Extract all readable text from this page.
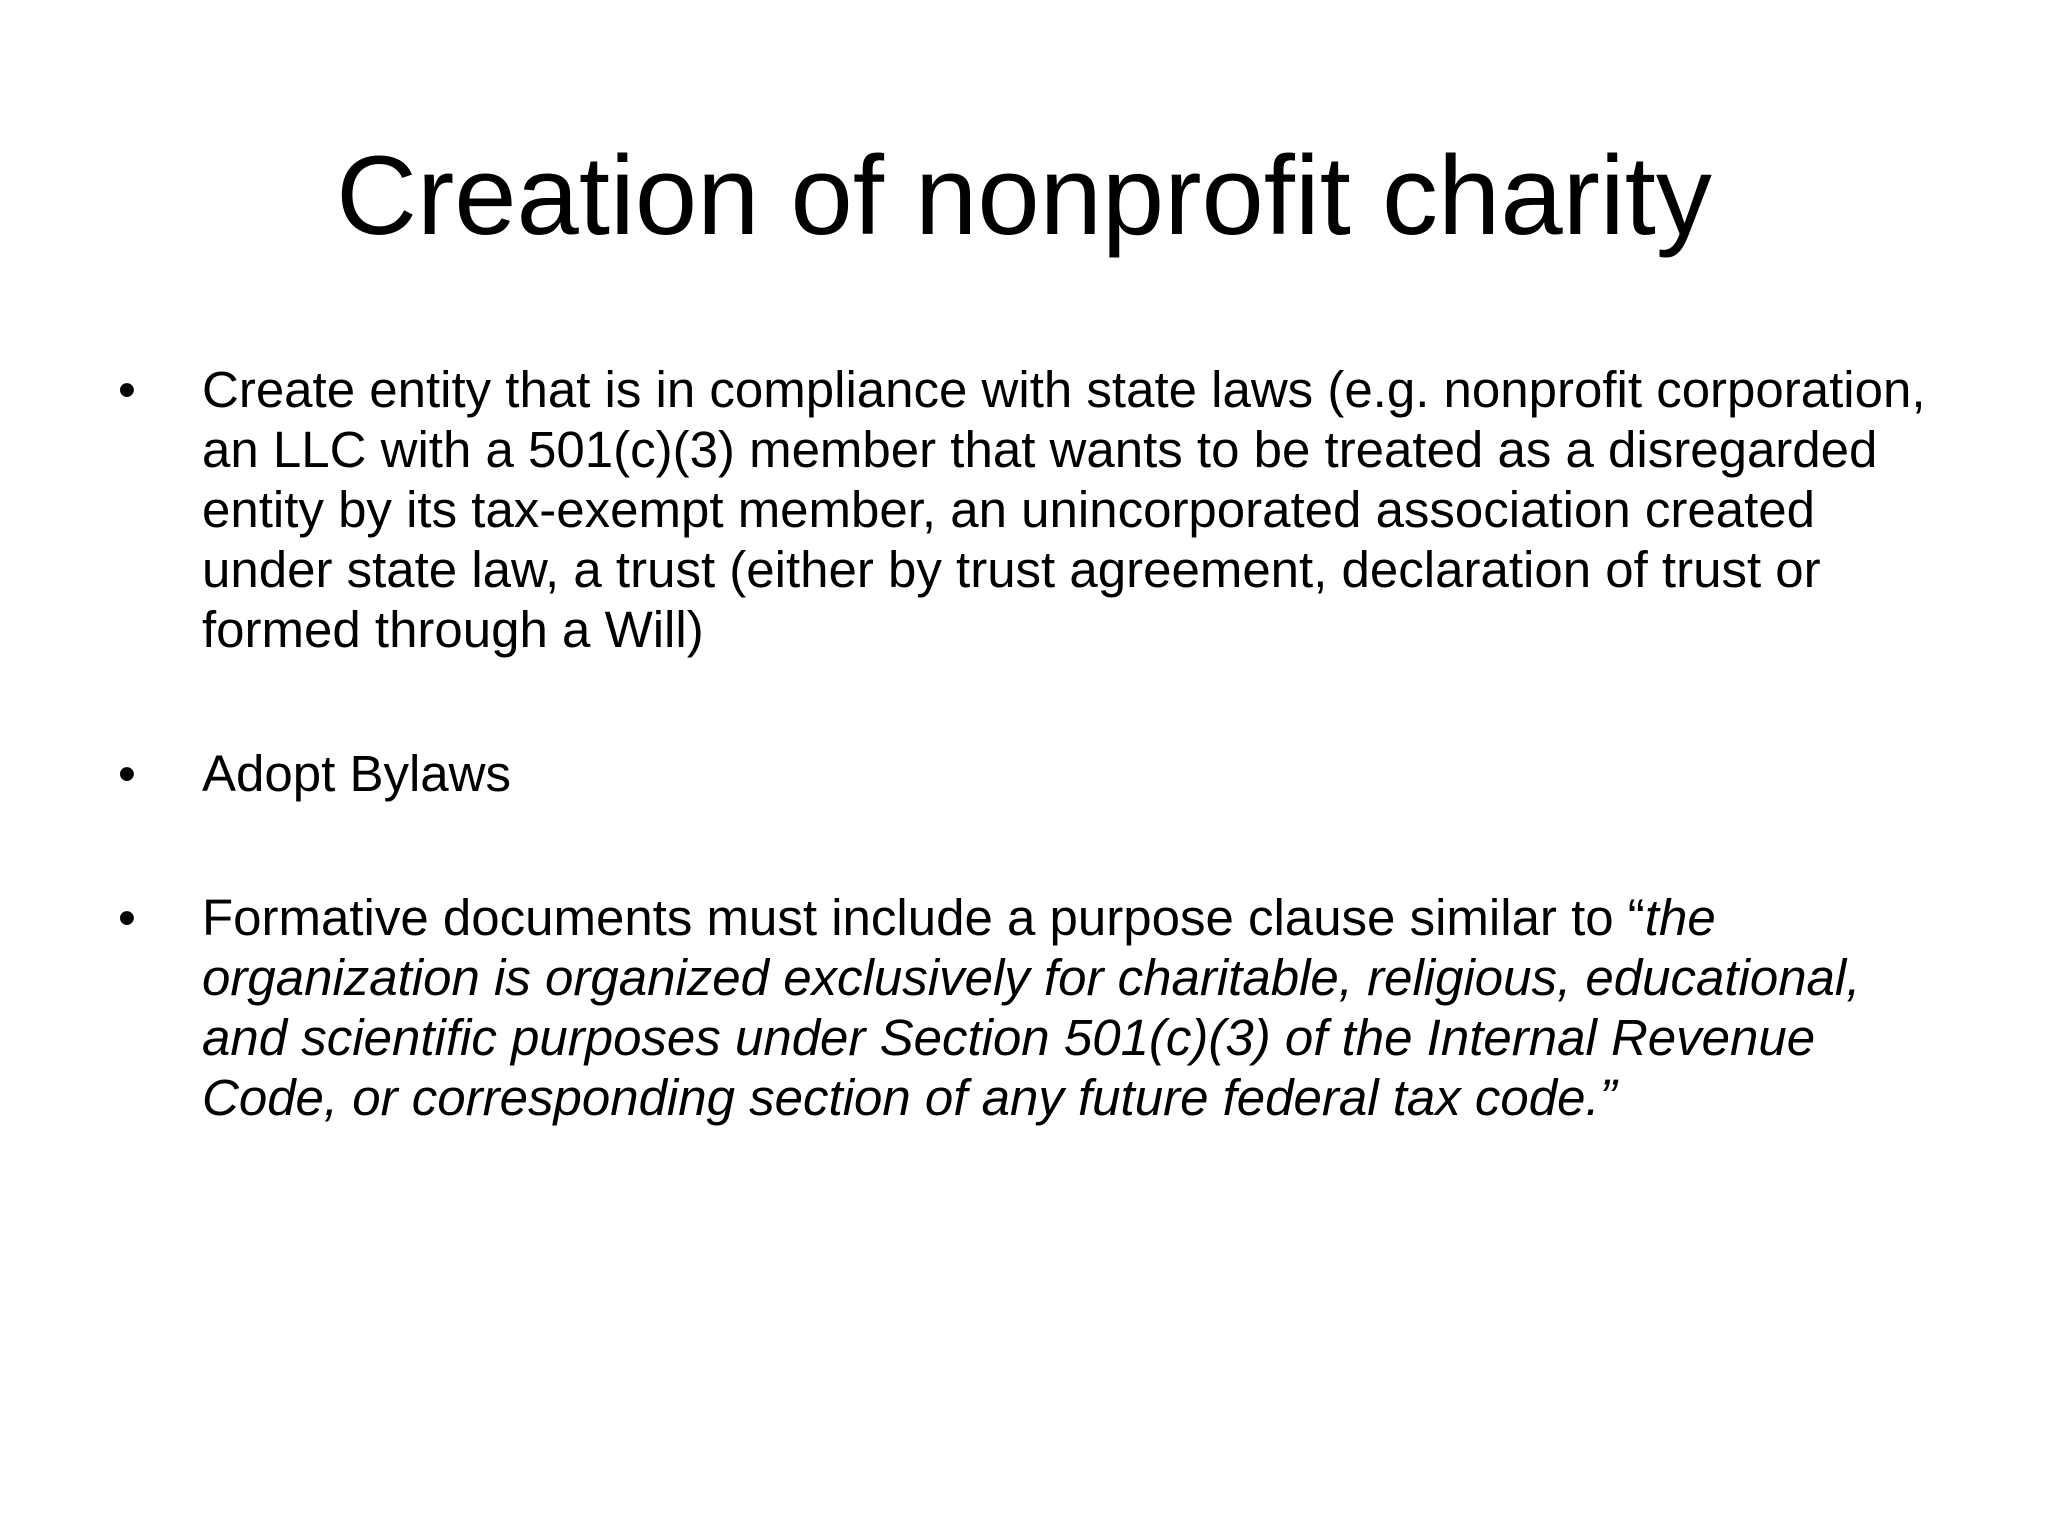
Creation of nonprofit charity
• Create entity that is in compliance with state laws (e.g. nonprofit corporation, an LLC with a 501(c)(3) member that wants to be treated as a disregarded entity by its tax-exempt member, an unincorporated association created under state law, a trust (either by trust agreement, declaration of trust or formed through a Will)
• Adopt Bylaws
• Formative documents must include a purpose clause similar to “the organization is organized exclusively for charitable, religious, educational, and scientific purposes under Section 501(c)(3) of the Internal Revenue Code, or corresponding section of any future federal tax code.”
